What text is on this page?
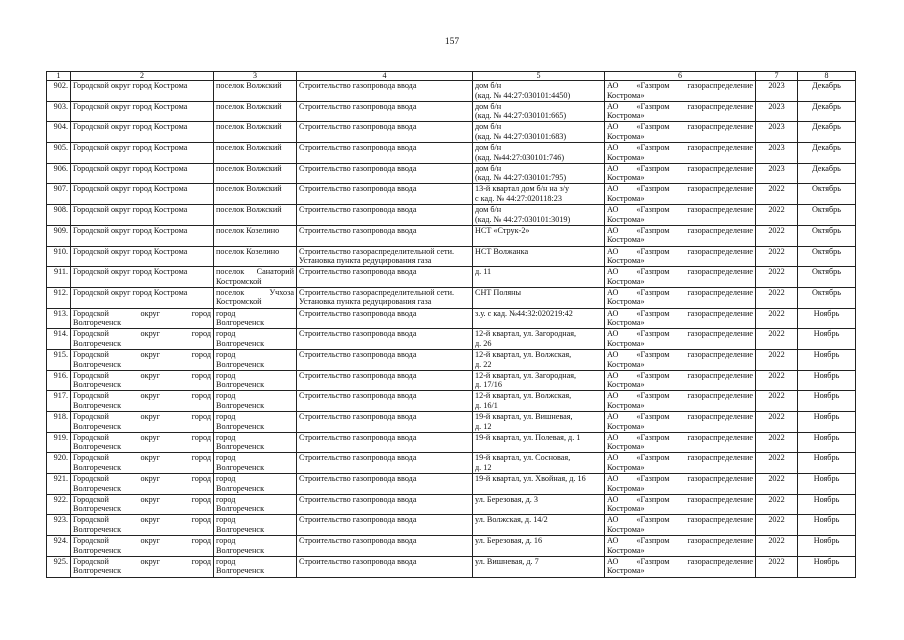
157
1	2	3	4	5	6	7	8
902.	Городской округ город Кострома	поселок Волжский	Строительство газопровода ввода	дом б/н
(кад. № 44:27:030101:4450)	АО «Газпром газораспределение
Кострома»	2023	Декабрь
903.	Городской округ город Кострома	поселок Волжский	Строительство газопровода ввода	дом б/н
(кад. № 44:27:030101:665)	АО «Газпром газораспределение
Кострома»	2023	Декабрь
904.	Городской округ город Кострома	поселок Волжский	Строительство газопровода ввода	дом б/н
(кад. № 44:27:030101:683)	АО «Газпром газораспределение
Кострома»	2023	Декабрь
905.	Городской округ город Кострома	поселок Волжский	Строительство газопровода ввода	дом б/н
(кад. №44:27:030101:746)	АО «Газпром газораспределение
Кострома»	2023	Декабрь
906.	Городской округ город Кострома	поселок Волжский	Строительство газопровода ввода	дом б/н
(кад. № 44:27:030101:795)	АО «Газпром газораспределение
Кострома»	2023	Декабрь
907.	Городской округ город Кострома	поселок Волжский	Строительство газопровода ввода	13-й квартал дом б/н на з/у
с кад. № 44:27:020118:23	АО «Газпром газораспределение
Кострома»	2022	Октябрь
908.	Городской округ город Кострома	поселок Волжский	Строительство газопровода ввода	дом б/н
(кад. № 44:27:030101:3019)	АО «Газпром газораспределение
Кострома»	2022	Октябрь
909.	Городской округ город Кострома	поселок Козелино	Строительство газопровода ввода	НСТ «Струк-2»	АО «Газпром газораспределение
Кострома»	2022	Октябрь
910.	Городской округ город Кострома	поселок Козелино	Строительство газораспределительной сети.
Установка пункта редуцирования газа	НСТ Волжанка	АО «Газпром газораспределение
Кострома»	2022	Октябрь
911.	Городской округ город Кострома	поселок Санаторий
Костромской	Строительство газопровода ввода	д. 11	АО «Газпром газораспределение
Кострома»	2022	Октябрь
912.	Городской округ город Кострома	поселок Учхоза
Костромской	Строительство газораспределительной сети.
Установка пункта редуцирования газа	СНТ Поляны	АО «Газпром газораспределение
Кострома»	2022	Октябрь
913.	Городской округ город
Волгореченск	город
Волгореченск	Строительство газопровода ввода	з.у. с кад. №44:32:020219:42	АО «Газпром газораспределение
Кострома»	2022	Ноябрь
914.	Городской округ город
Волгореченск	город
Волгореченск	Строительство газопровода ввода	12-й квартал, ул. Загородная,
д. 26	АО «Газпром газораспределение
Кострома»	2022	Ноябрь
915.	Городской округ город
Волгореченск	город
Волгореченск	Строительство газопровода ввода	12-й квартал, ул. Волжская,
д. 22	АО «Газпром газораспределение
Кострома»	2022	Ноябрь
916.	Городской округ город
Волгореченск	город
Волгореченск	Строительство газопровода ввода	12-й квартал, ул. Загородная,
д. 17/16	АО «Газпром газораспределение
Кострома»	2022	Ноябрь
917.	Городской округ город
Волгореченск	город
Волгореченск	Строительство газопровода ввода	12-й квартал, ул. Волжская,
д. 16/1	АО «Газпром газораспределение
Кострома»	2022	Ноябрь
918.	Городской округ город
Волгореченск	город
Волгореченск	Строительство газопровода ввода	19-й квартал, ул. Вишневая,
д. 12	АО «Газпром газораспределение
Кострома»	2022	Ноябрь
919.	Городской округ город
Волгореченск	город
Волгореченск	Строительство газопровода ввода	19-й квартал, ул. Полевая, д. 1	АО «Газпром газораспределение
Кострома»	2022	Ноябрь
920.	Городской округ город
Волгореченск	город
Волгореченск	Строительство газопровода ввода	19-й квартал, ул. Сосновая,
д. 12	АО «Газпром газораспределение
Кострома»	2022	Ноябрь
921.	Городской округ город
Волгореченск	город
Волгореченск	Строительство газопровода ввода	19-й квартал, ул. Хвойная, д. 16	АО «Газпром газораспределение
Кострома»	2022	Ноябрь
922.	Городской округ город
Волгореченск	город
Волгореченск	Строительство газопровода ввода	ул. Березовая, д. 3	АО «Газпром газораспределение
Кострома»	2022	Ноябрь
923.	Городской округ город
Волгореченск	город
Волгореченск	Строительство газопровода ввода	ул. Волжская, д. 14/2	АО «Газпром газораспределение
Кострома»	2022	Ноябрь
924.	Городской округ город
Волгореченск	город
Волгореченск	Строительство газопровода ввода	ул. Березовая, д. 16	АО «Газпром газораспределение
Кострома»	2022	Ноябрь
925.	Городской округ город
Волгореченск	город
Волгореченск	Строительство газопровода ввода	ул. Вишневая, д. 7	АО «Газпром газораспределение
Кострома»	2022	Ноябрь
